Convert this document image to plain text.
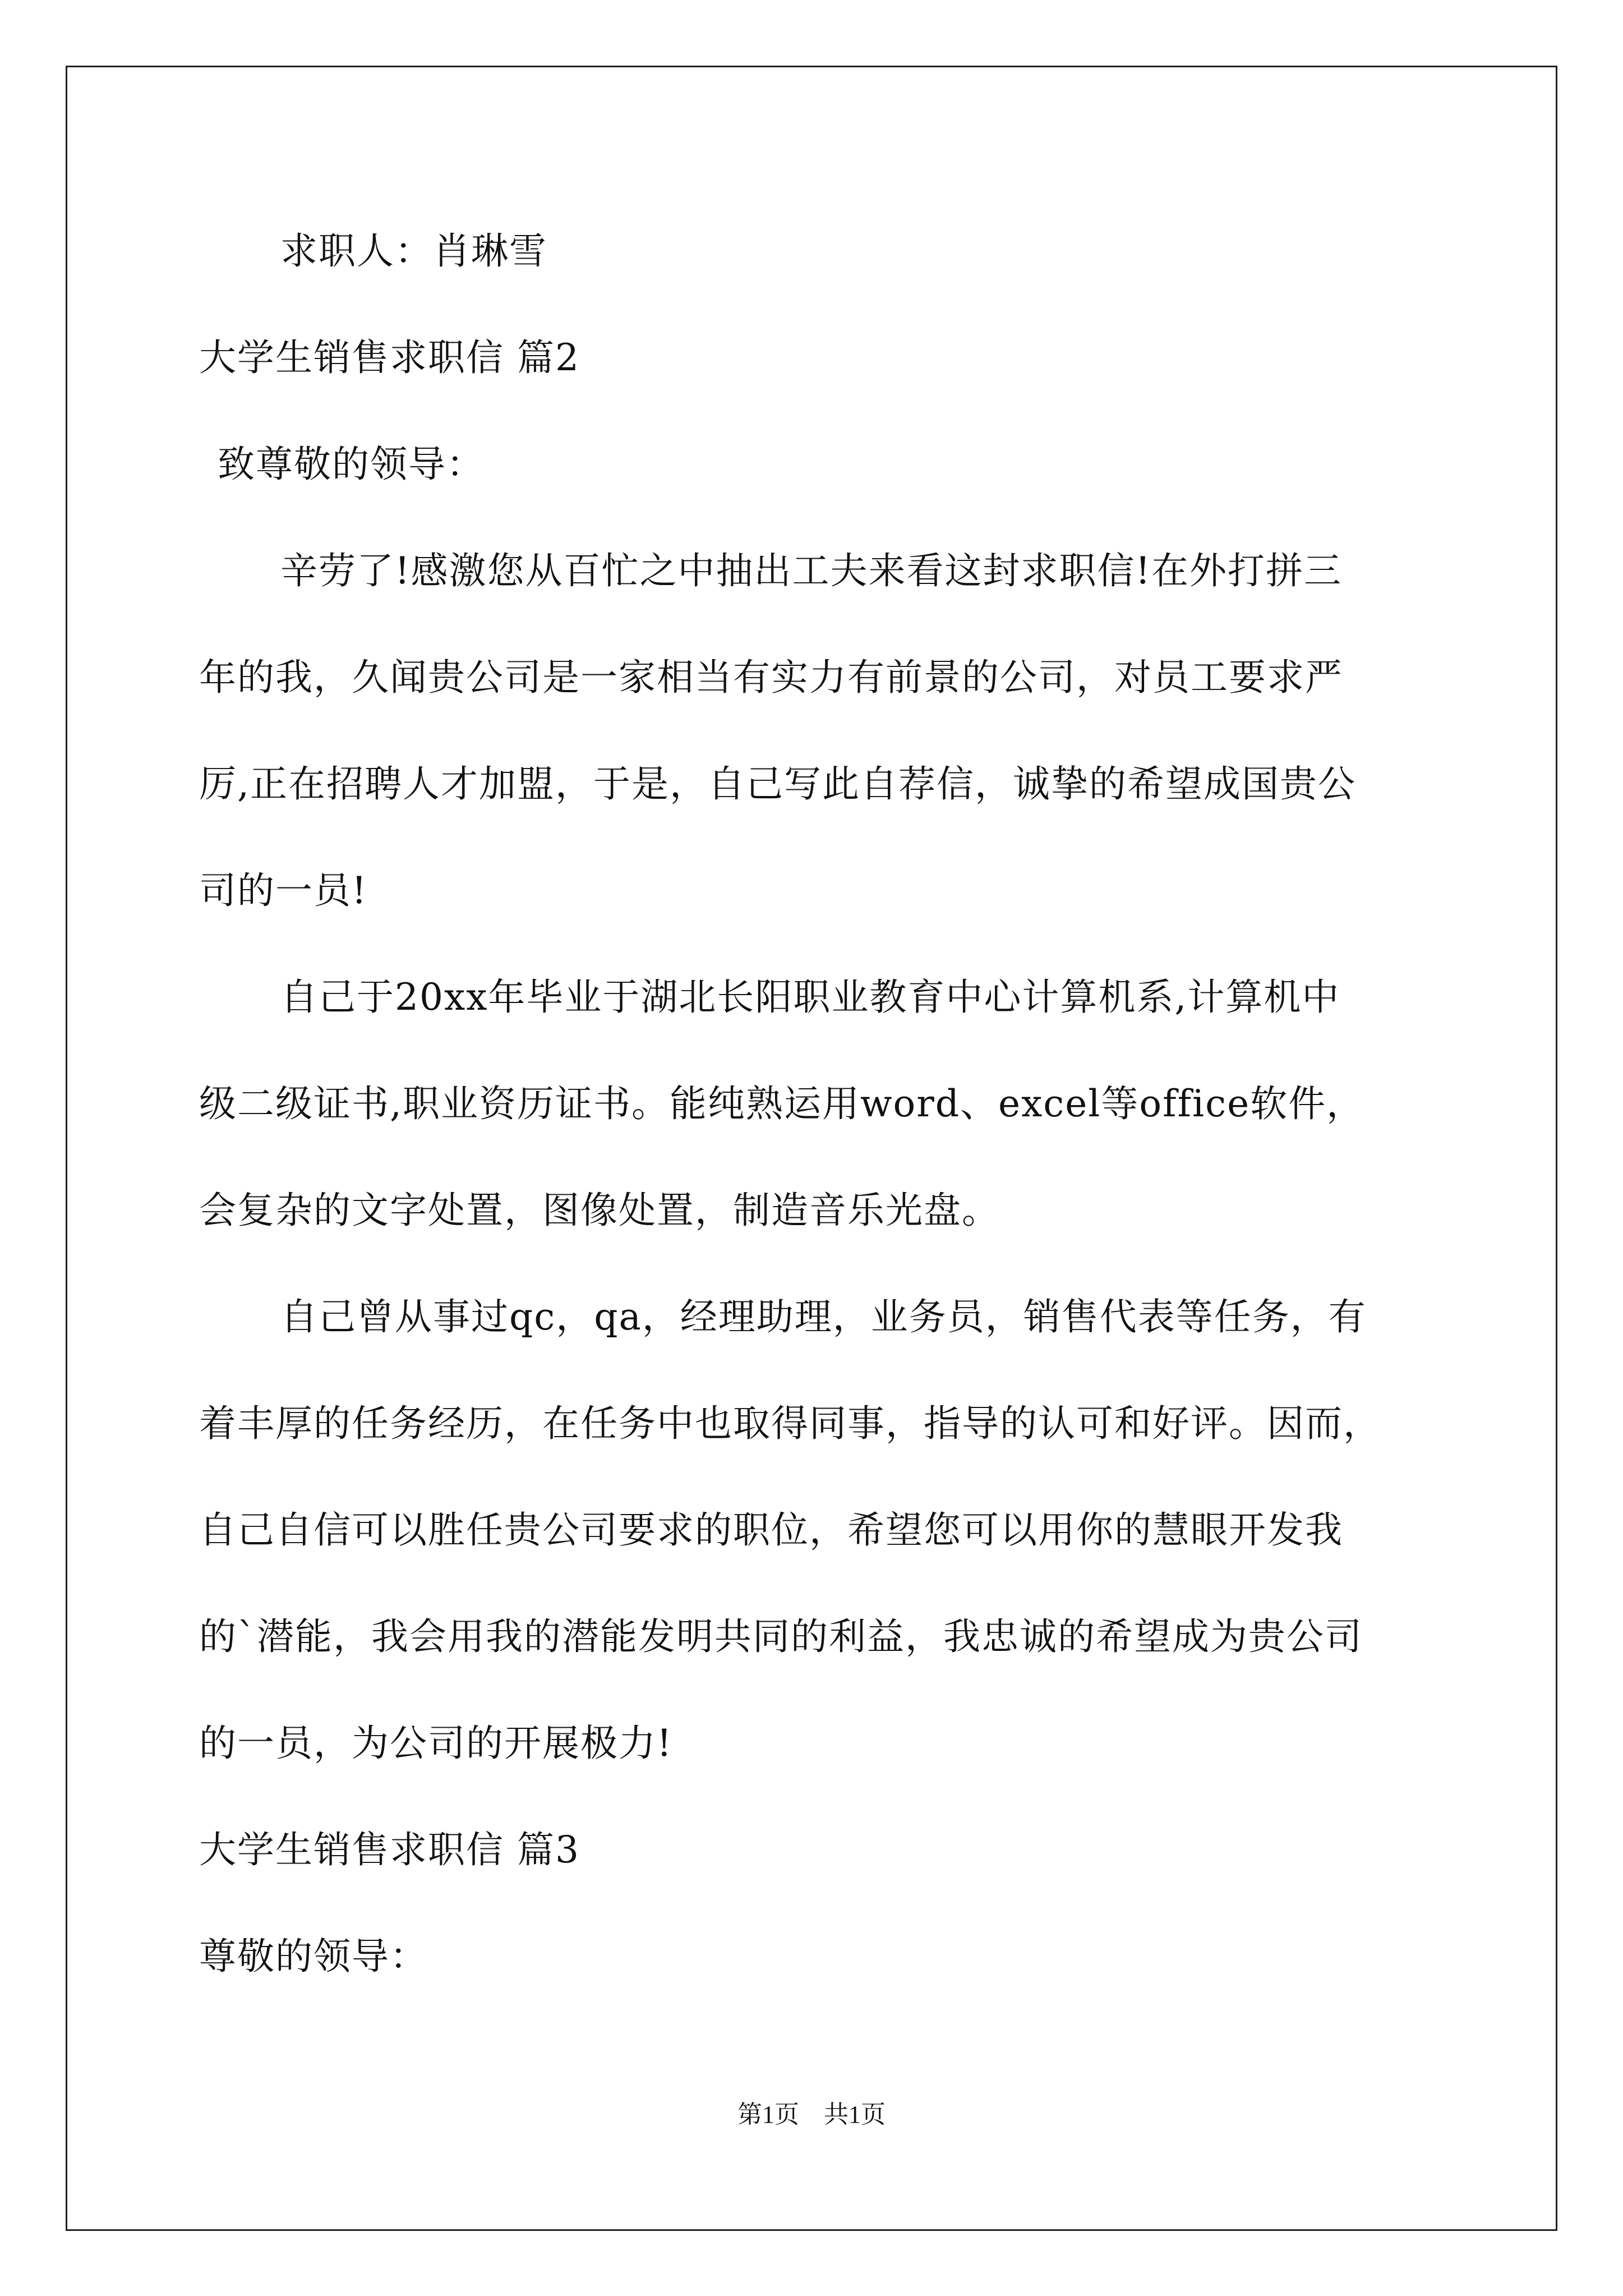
求职人：肖琳雪
大学生销售求职信 篇2
致尊敬的领导：
辛劳了!感激您从百忙之中抽出工夫来看这封求职信!在外打拼三
年的我，久闻贵公司是一家相当有实力有前景的公司，对员工要求严
厉,正在招聘人才加盟，于是，自己写此自荐信，诚挚的希望成国贵公
司的一员!
自己于20xx年毕业于湖北长阳职业教育中心计算机系,计算机中
级二级证书,职业资历证书。能纯熟运用word、excel等office软件，
会复杂的文字处置，图像处置，制造音乐光盘。
自己曾从事过qc，qa，经理助理，业务员，销售代表等任务，有
着丰厚的任务经历，在任务中也取得同事，指导的认可和好评。因而，
自己自信可以胜任贵公司要求的职位，希望您可以用你的慧眼开发我
的`潜能，我会用我的潜能发明共同的利益，我忠诚的希望成为贵公司
的一员，为公司的开展极力!
大学生销售求职信 篇3
尊敬的领导：
第1页　共1页
